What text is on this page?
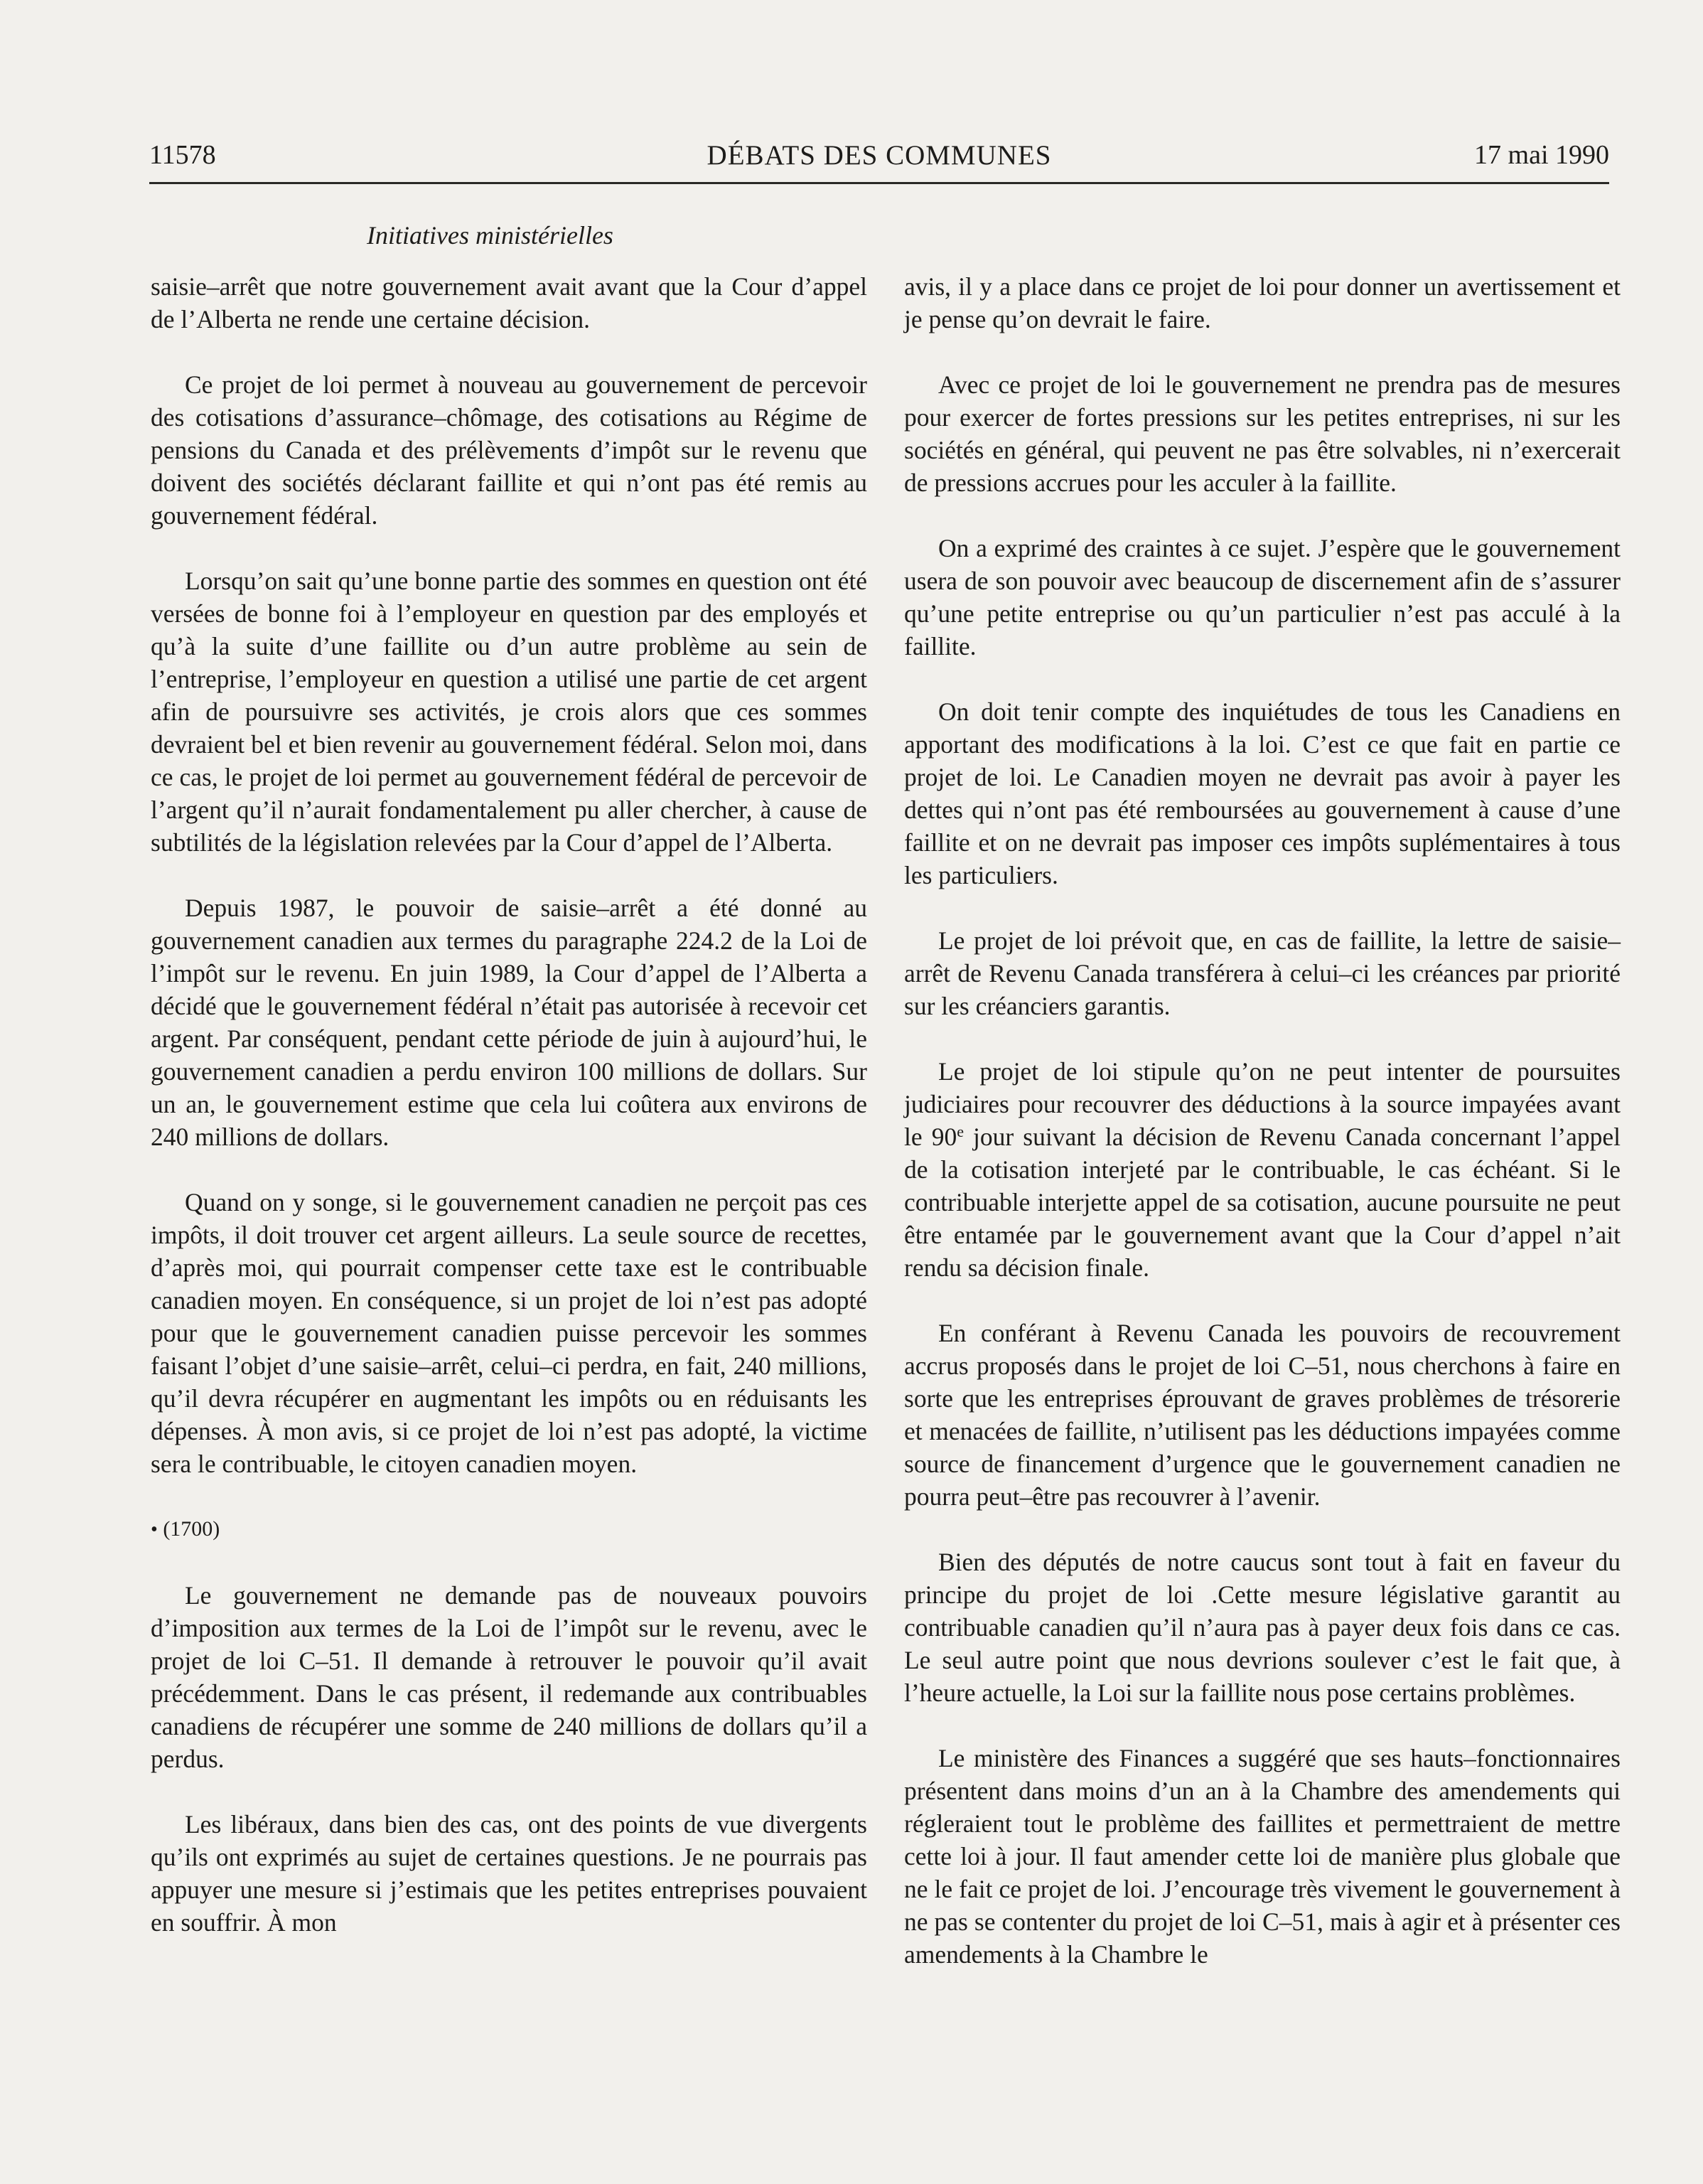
11578	DÉBATS DES COMMUNES	17 mai 1990
Initiatives ministérielles

saisie–arrêt que notre gouvernement avait avant que la Cour d’appel de l’Alberta ne rende une certaine décision.

Ce projet de loi permet à nouveau au gouvernement de percevoir des cotisations d’assurance–chômage, des cotisations au Régime de pensions du Canada et des prélèvements d’impôt sur le revenu que doivent des sociétés déclarant faillite et qui n’ont pas été remis au gouvernement fédéral.

Lorsqu’on sait qu’une bonne partie des sommes en question ont été versées de bonne foi à l’employeur en question par des employés et qu’à la suite d’une faillite ou d’un autre problème au sein de l’entreprise, l’employeur en question a utilisé une partie de cet argent afin de poursuivre ses activités, je crois alors que ces sommes devraient bel et bien revenir au gouvernement fédéral. Selon moi, dans ce cas, le projet de loi permet au gouvernement fédéral de percevoir de l’argent qu’il n’aurait fondamentalement pu aller chercher, à cause de subtilités de la législation relevées par la Cour d’appel de l’Alberta.

Depuis 1987, le pouvoir de saisie–arrêt a été donné au gouvernement canadien aux termes du paragraphe 224.2 de la Loi de l’impôt sur le revenu. En juin 1989, la Cour d’appel de l’Alberta a décidé que le gouvernement fédéral n’était pas autorisée à recevoir cet argent. Par conséquent, pendant cette période de juin à aujourd’hui, le gouvernement canadien a perdu environ 100 millions de dollars. Sur un an, le gouvernement estime que cela lui coûtera aux environs de 240 millions de dollars.

Quand on y songe, si le gouvernement canadien ne perçoit pas ces impôts, il doit trouver cet argent ailleurs. La seule source de recettes, d’après moi, qui pourrait compenser cette taxe est le contribuable canadien moyen. En conséquence, si un projet de loi n’est pas adopté pour que le gouvernement canadien puisse percevoir les sommes faisant l’objet d’une saisie–arrêt, celui–ci perdra, en fait, 240 millions, qu’il devra récupérer en augmentant les impôts ou en réduisants les dépenses. À mon avis, si ce projet de loi n’est pas adopté, la victime sera le contribuable, le citoyen canadien moyen.

• (1700)

Le gouvernement ne demande pas de nouveaux pouvoirs d’imposition aux termes de la Loi de l’impôt sur le revenu, avec le projet de loi C–51. Il demande à retrouver le pouvoir qu’il avait précédemment. Dans le cas présent, il redemande aux contribuables canadiens de récupérer une somme de 240 millions de dollars qu’il a perdus.

Les libéraux, dans bien des cas, ont des points de vue divergents qu’ils ont exprimés au sujet de certaines questions. Je ne pourrais pas appuyer une mesure si j’estimais que les petites entreprises pouvaient en souffrir. À mon

avis, il y a place dans ce projet de loi pour donner un avertissement et je pense qu’on devrait le faire.

Avec ce projet de loi le gouvernement ne prendra pas de mesures pour exercer de fortes pressions sur les petites entreprises, ni sur les sociétés en général, qui peuvent ne pas être solvables, ni n’exercerait de pressions accrues pour les acculer à la faillite.

On a exprimé des craintes à ce sujet. J’espère que le gouvernement usera de son pouvoir avec beaucoup de discernement afin de s’assurer qu’une petite entreprise ou qu’un particulier n’est pas acculé à la faillite.

On doit tenir compte des inquiétudes de tous les Canadiens en apportant des modifications à la loi. C’est ce que fait en partie ce projet de loi. Le Canadien moyen ne devrait pas avoir à payer les dettes qui n’ont pas été remboursées au gouvernement à cause d’une faillite et on ne devrait pas imposer ces impôts suplémentaires à tous les particuliers.

Le projet de loi prévoit que, en cas de faillite, la lettre de saisie–arrêt de Revenu Canada transférera à celui–ci les créances par priorité sur les créanciers garantis.

Le projet de loi stipule qu’on ne peut intenter de poursuites judiciaires pour recouvrer des déductions à la source impayées avant le 90e jour suivant la décision de Revenu Canada concernant l’appel de la cotisation interjeté par le contribuable, le cas échéant. Si le contribuable interjette appel de sa cotisation, aucune poursuite ne peut être entamée par le gouvernement avant que la Cour d’appel n’ait rendu sa décision finale.

En conférant à Revenu Canada les pouvoirs de recouvrement accrus proposés dans le projet de loi C–51, nous cherchons à faire en sorte que les entreprises éprouvant de graves problèmes de trésorerie et menacées de faillite, n’utilisent pas les déductions impayées comme source de financement d’urgence que le gouvernement canadien ne pourra peut–être pas recouvrer à l’avenir.

Bien des députés de notre caucus sont tout à fait en faveur du principe du projet de loi .Cette mesure législative garantit au contribuable canadien qu’il n’aura pas à payer deux fois dans ce cas. Le seul autre point que nous devrions soulever c’est le fait que, à l’heure actuelle, la Loi sur la faillite nous pose certains problèmes.

Le ministère des Finances a suggéré que ses hauts–fonctionnaires présentent dans moins d’un an à la Chambre des amendements qui régleraient tout le problème des faillites et permettraient de mettre cette loi à jour. Il faut amender cette loi de manière plus globale que ne le fait ce projet de loi. J’encourage très vivement le gouvernement à ne pas se contenter du projet de loi C–51, mais à agir et à présenter ces amendements à la Chambre le
